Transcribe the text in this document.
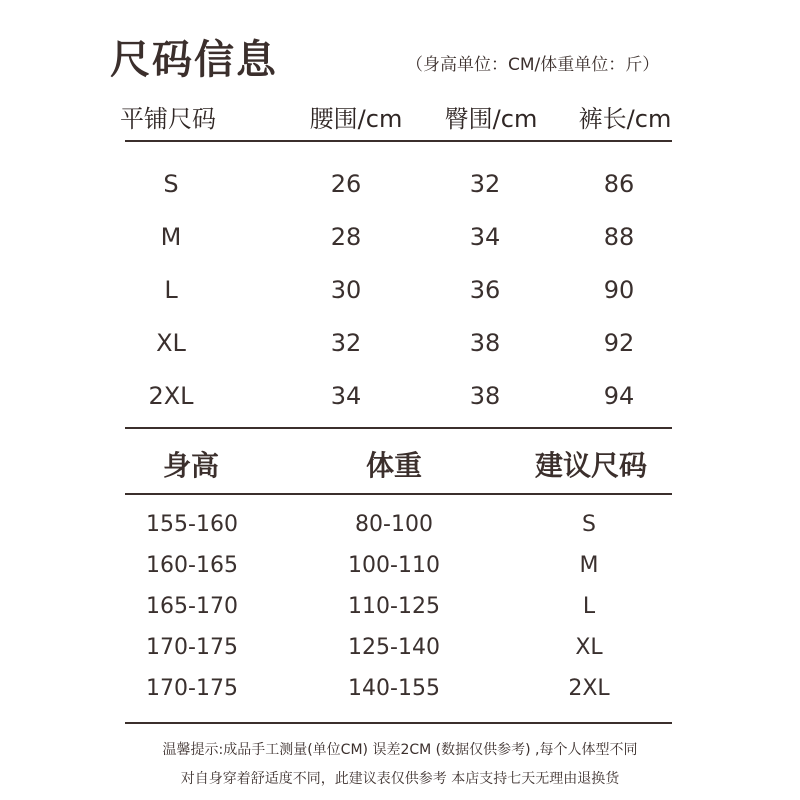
尺码信息	（身高单位：CM/体重单位：斤）
平铺尺码	腰围/cm 臀围/cm 裤长/cm
S	26	32	86
M	28	34	88
L	30	36	90
XL	32	38	92
2XL	34	38	94
身高	体重	建议尺码
155-160	80-100	S
160-165	100-110	M
165-170	110-125	L
170-175	125-140	XL
170-175	140-155	2XL
温馨提示:成品手工测量(单位CM) 误差2CM (数据仅供参考) ,每个人体型不同
对自身穿着舒适度不同，此建议表仅供参考 本店支持七天无理由退换货
